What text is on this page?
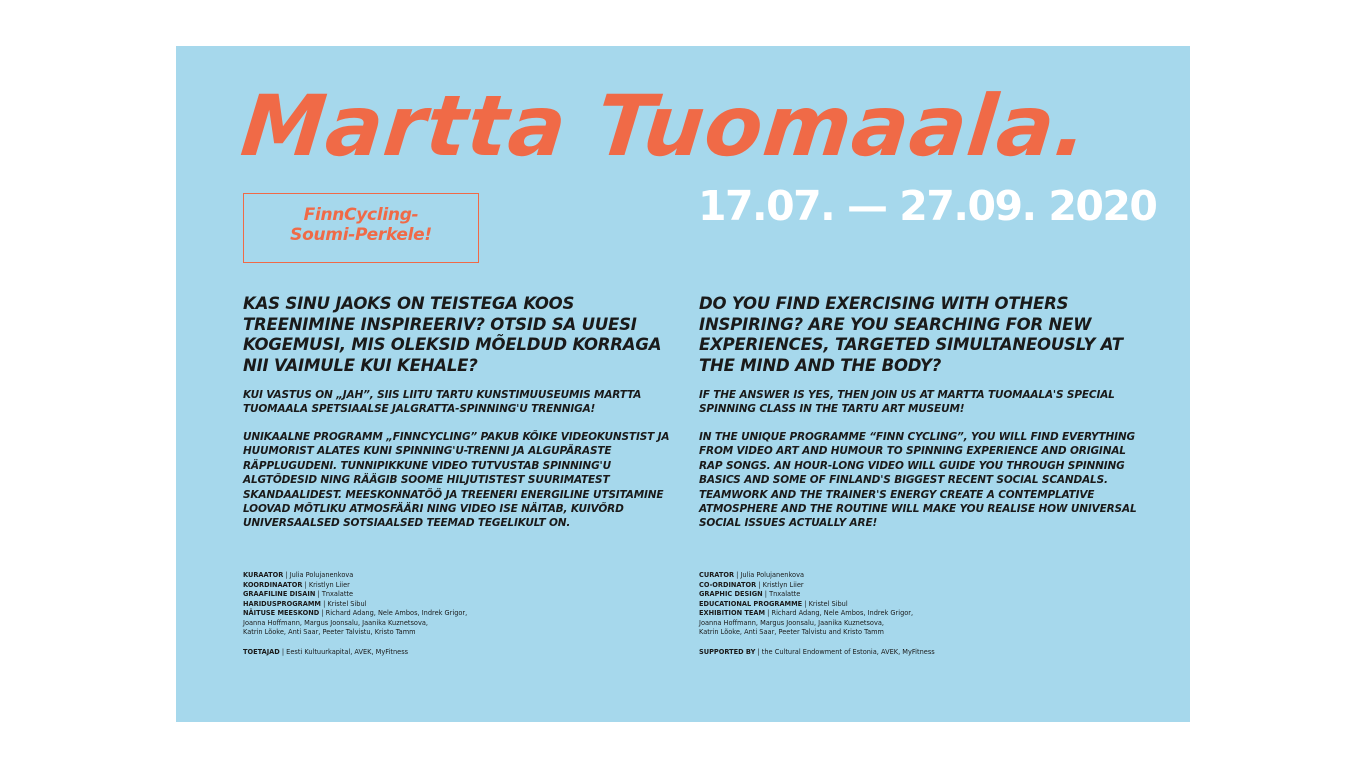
Martta Tuomaala.
17.07. — 27.09. 2020
FinnCycling-
Soumi-Perkele!
KAS SINU JAOKS ON TEISTEGA KOOS TREENIMINE INSPIREERIV? OTSID SA UUESI KOGEMUSI, MIS OLEKSID MÕELDUD KORRAGA NII VAIMULE KUI KEHALE?

KUI VASTUS ON „JAH”, SIIS LIITU TARTU KUNSTIMUUSEUMIS MARTTA TUOMAALA SPETSIAALSE JALGRATTA-SPINNING'U TRENNIGA!

UNIKAALNE PROGRAMM „FINNCYCLING” PAKUB KÕIKE VIDEOKUNSTIST JA HUUMORIST ALATES KUNI SPINNING'U-TRENNI JA ALGUPÄRASTE RÄPPLUGUDENI. TUNNIPIKKUNE VIDEO TUTVUSTAB SPINNING'U ALGTÕDESID NING RÄÄGIB SOOME HILJUTISTEST SUURIMATEST SKANDAALIDEST. MEESKONNATÖÖ JA TREENERI ENERGILINE UTSITAMINE LOOVAD MÕTLIKU ATMOSFÄÄRI NING VIDEO ISE NÄITAB, KUIVÕRD UNIVERSAALSED SOTSIAALSED TEEMAD TEGELIKULT ON.

KURAATOR | Julia Polujanenkova
KOORDINAATOR | Kristlyn Liier
GRAAFILINE DISAIN | Tnxalatte
HARIDUSPROGRAMM | Kristel Sibul
NÄITUSE MEESKOND | Richard Adang, Nele Ambos, Indrek Grigor,
Joanna Hoffmann, Margus Joonsalu, Jaanika Kuznetsova,
Katrin Lõoke, Anti Saar, Peeter Talvistu, Kristo Tamm
TOETAJAD | Eesti Kultuurkapital, AVEK, MyFitness
DO YOU FIND EXERCISING WITH OTHERS INSPIRING? ARE YOU SEARCHING FOR NEW EXPERIENCES, TARGETED SIMULTANEOUSLY AT THE MIND AND THE BODY?

IF THE ANSWER IS YES, THEN JOIN US AT MARTTA TUOMAALA'S SPECIAL SPINNING CLASS IN THE TARTU ART MUSEUM!

IN THE UNIQUE PROGRAMME “FINN CYCLING”, YOU WILL FIND EVERYTHING FROM VIDEO ART AND HUMOUR TO SPINNING EXPERIENCE AND ORIGINAL RAP SONGS. AN HOUR-LONG VIDEO WILL GUIDE YOU THROUGH SPINNING BASICS AND SOME OF FINLAND'S BIGGEST RECENT SOCIAL SCANDALS. TEAMWORK AND THE TRAINER'S ENERGY CREATE A CONTEMPLATIVE ATMOSPHERE AND THE ROUTINE WILL MAKE YOU REALISE HOW UNIVERSAL SOCIAL ISSUES ACTUALLY ARE!

CURATOR | Julia Polujanenkova
CO-ORDINATOR | Kristlyn Liier
GRAPHIC DESIGN | Tnxalatte
EDUCATIONAL PROGRAMME | Kristel Sibul
EXHIBITION TEAM | Richard Adang, Nele Ambos, Indrek Grigor,
Joanna Hoffmann, Margus Joonsalu, Jaanika Kuznetsova,
Katrin Lõoke, Anti Saar, Peeter Talvistu and Kristo Tamm
SUPPORTED BY | the Cultural Endowment of Estonia, AVEK, MyFitness
